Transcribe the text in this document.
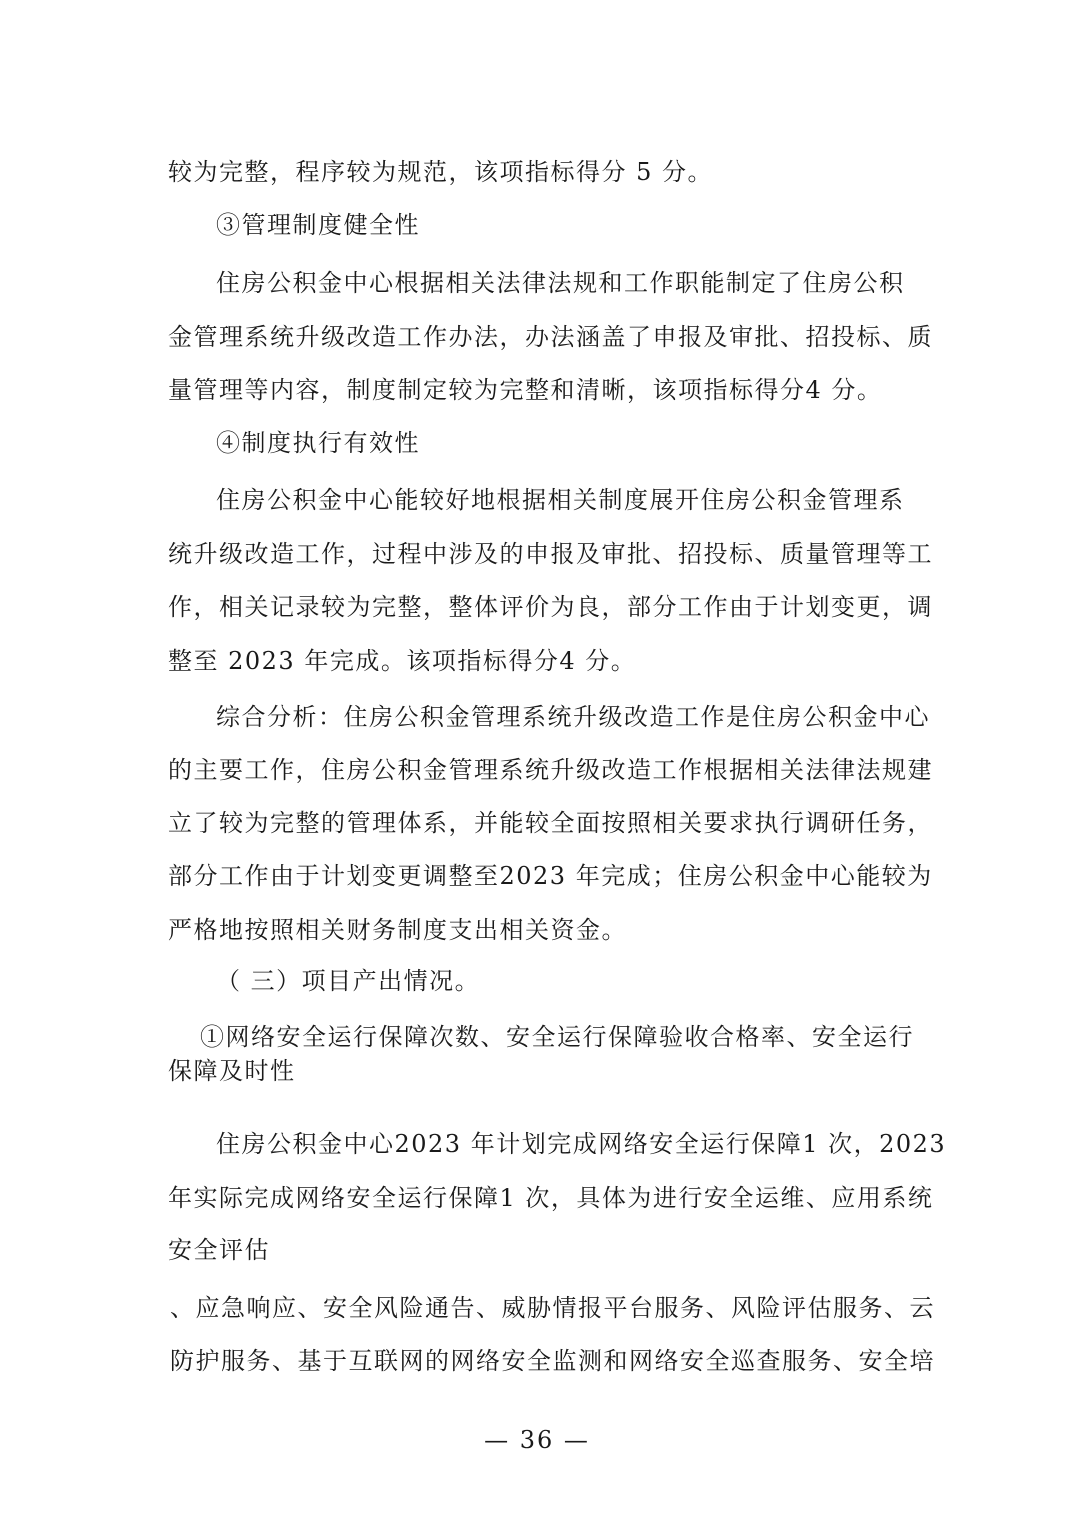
较为完整，程序较为规范，该项指标得分 5 分。
③管理制度健全性
住房公积金中心根据相关法律法规和工作职能制定了住房公积
金管理系统升级改造工作办法，办法涵盖了申报及审批、招投标、质
量管理等内容，制度制定较为完整和清晰，该项指标得分4 分。
④制度执行有效性
住房公积金中心能较好地根据相关制度展开住房公积金管理系
统升级改造工作，过程中涉及的申报及审批、招投标、质量管理等工
作，相关记录较为完整，整体评价为良，部分工作由于计划变更，调
整至 2023 年完成。该项指标得分4 分。
综合分析：住房公积金管理系统升级改造工作是住房公积金中心
的主要工作，住房公积金管理系统升级改造工作根据相关法律法规建
立了较为完整的管理体系，并能较全面按照相关要求执行调研任务，
部分工作由于计划变更调整至2023 年完成；住房公积金中心能较为
严格地按照相关财务制度支出相关资金。
（ 三）项目产出情况。
①网络安全运行保障次数、安全运行保障验收合格率、安全运行
保障及时性
住房公积金中心2023 年计划完成网络安全运行保障1 次，2023
年实际完成网络安全运行保障1 次，具体为进行安全运维、应用系统
安全评估
、应急响应、安全风险通告、威胁情报平台服务、风险评估服务、云
防护服务、基于互联网的网络安全监测和网络安全巡查服务、安全培
— 36 —
